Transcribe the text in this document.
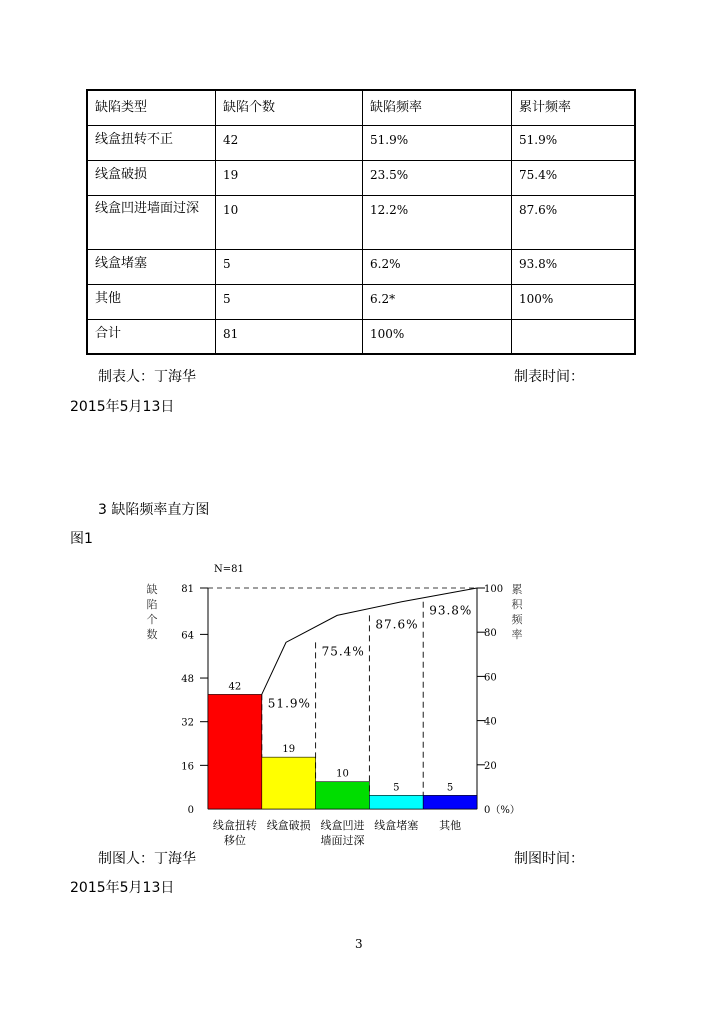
缺陷类型	缺陷个数	缺陷频率	累计频率
线盒扭转不正	42	51.9%	51.9%
线盒破损	19	23.5%	75.4%
线盒凹进墙面过深	10	12.2%	87.6%
线盒堵塞	5	6.2%	93.8%
其他	5	6.2*	100%
合计	81	100%	
制表人：丁海华	制表时间：
2015年5月13日
3 缺陷频率直方图
图1
0
16
32
48
64
81
0（%）
20
40
60
80
100
N=81
缺
陷
个
数
累
积
频
率
42
19
10
5	5
51.9%
75.4%
87.6%
93.8%
线盒扭转
移位
线盒破损 线盒凹进
墙面过深
线盒堵塞 其他
制图人：丁海华	制图时间：
2015年5月13日
3
